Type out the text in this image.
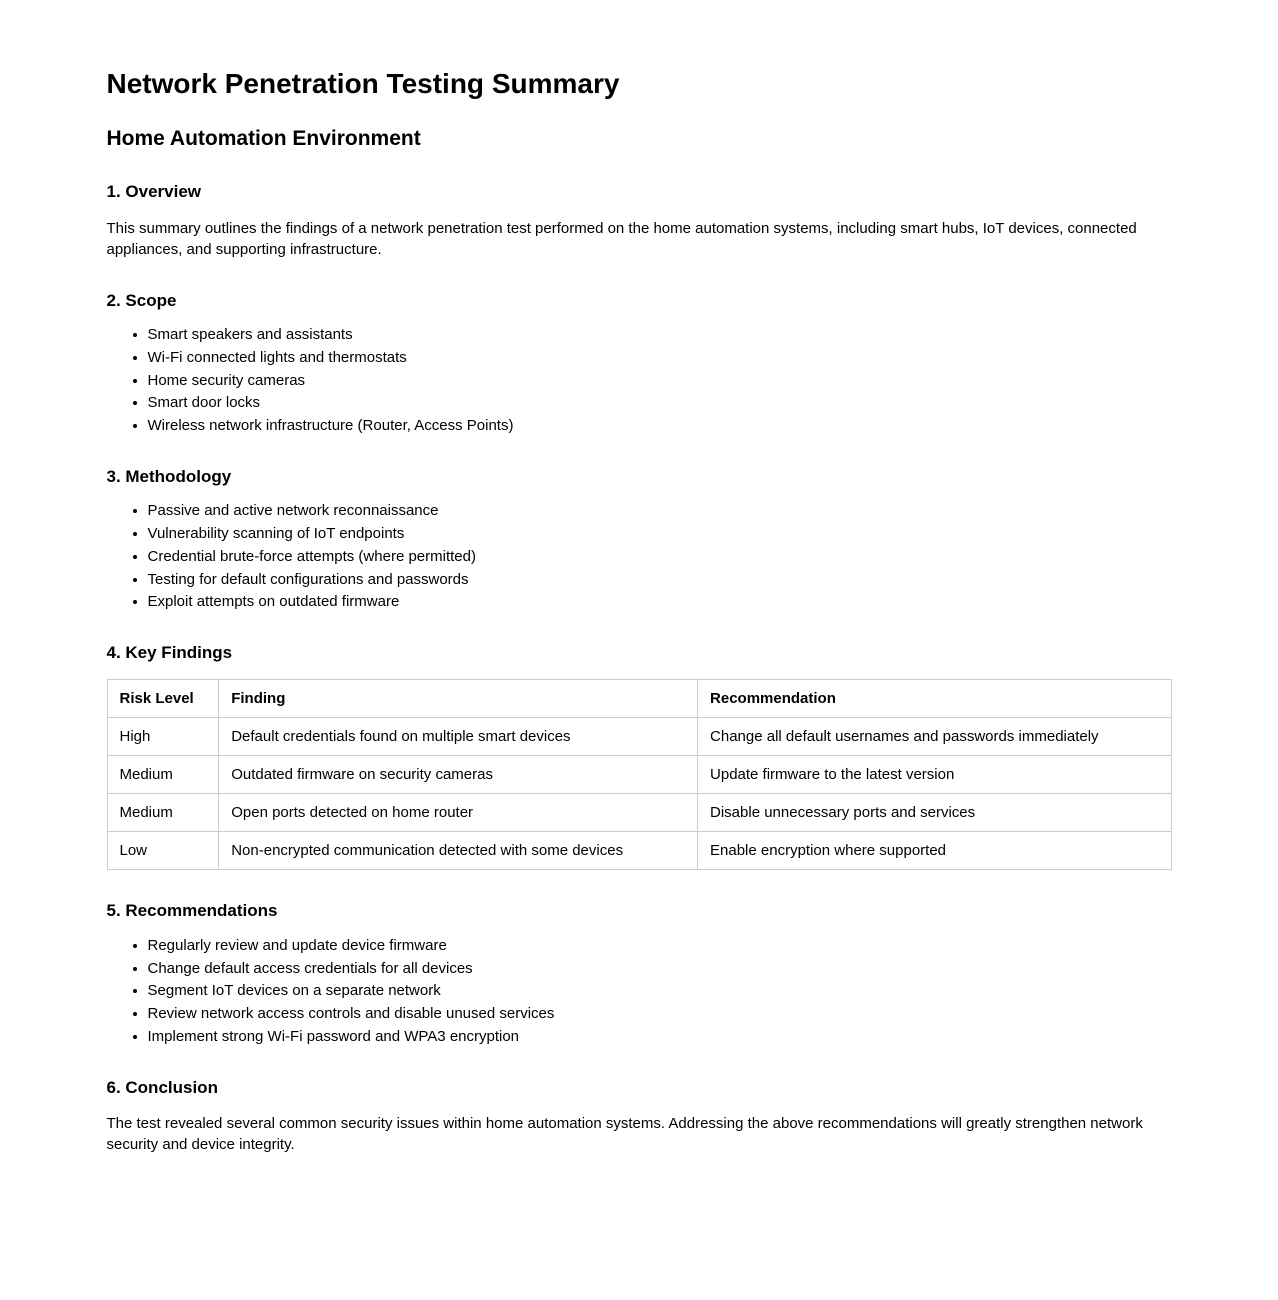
Network Penetration Testing Summary
Home Automation Environment
1. Overview

This summary outlines the findings of a network penetration test performed on the home automation systems, including smart hubs, IoT devices, connected appliances, and supporting infrastructure.

2. Scope
• Smart speakers and assistants
• Wi-Fi connected lights and thermostats
• Home security cameras
• Smart door locks
• Wireless network infrastructure (Router, Access Points)
3. Methodology
• Passive and active network reconnaissance
• Vulnerability scanning of IoT endpoints
• Credential brute-force attempts (where permitted)
• Testing for default configurations and passwords
• Exploit attempts on outdated firmware
4. Key Findings
Risk Level	Finding	Recommendation
High	Default credentials found on multiple smart devices	Change all default usernames and passwords immediately
Medium	Outdated firmware on security cameras	Update firmware to the latest version
Medium	Open ports detected on home router	Disable unnecessary ports and services
Low	Non-encrypted communication detected with some devices	Enable encryption where supported
5. Recommendations
• Regularly review and update device firmware
• Change default access credentials for all devices
• Segment IoT devices on a separate network
• Review network access controls and disable unused services
• Implement strong Wi-Fi password and WPA3 encryption
6. Conclusion

The test revealed several common security issues within home automation systems. Addressing the above recommendations will greatly strengthen network security and device integrity.
